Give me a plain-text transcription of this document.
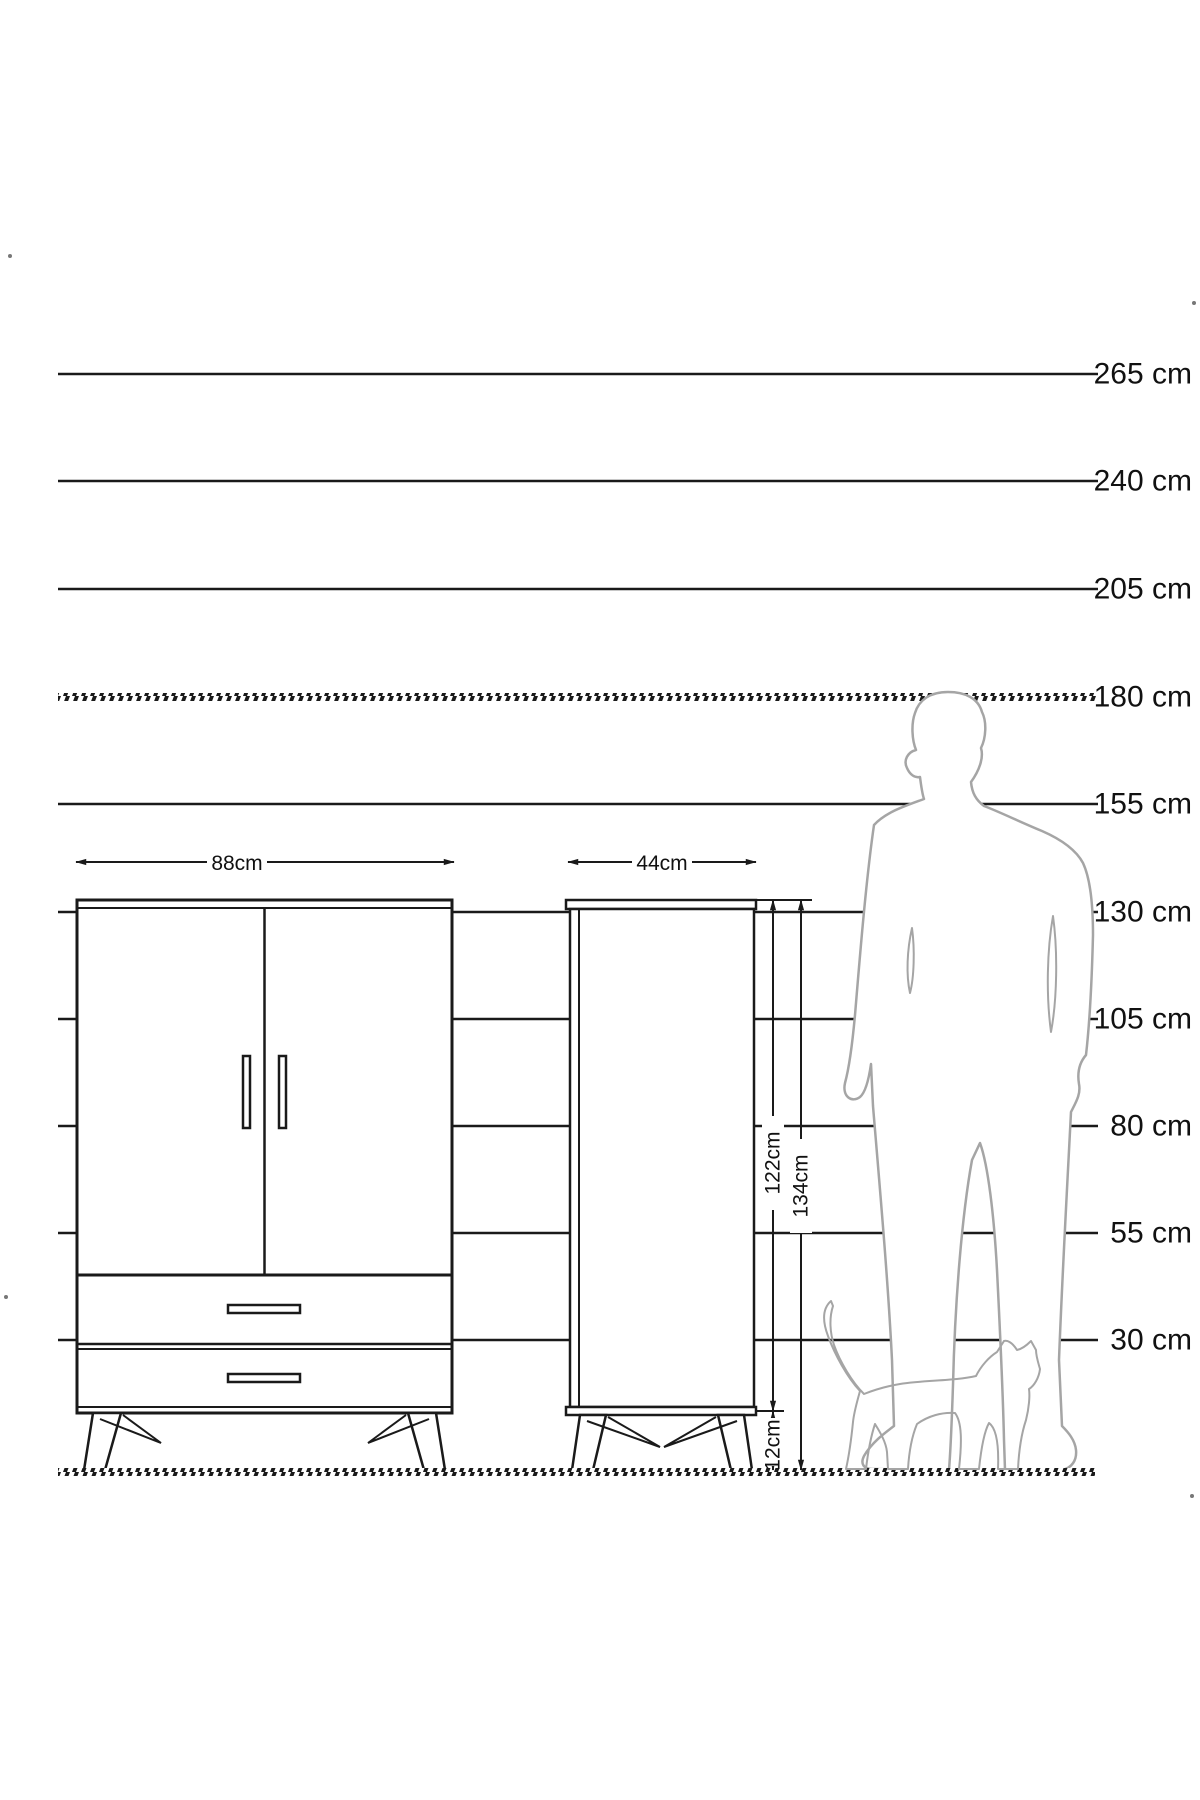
88cm	44cm
122cm
12cm
134cm
265 cm
240 cm
205 cm
180 cm
155 cm
130 cm
105 cm
80 cm
55 cm
30 cm
